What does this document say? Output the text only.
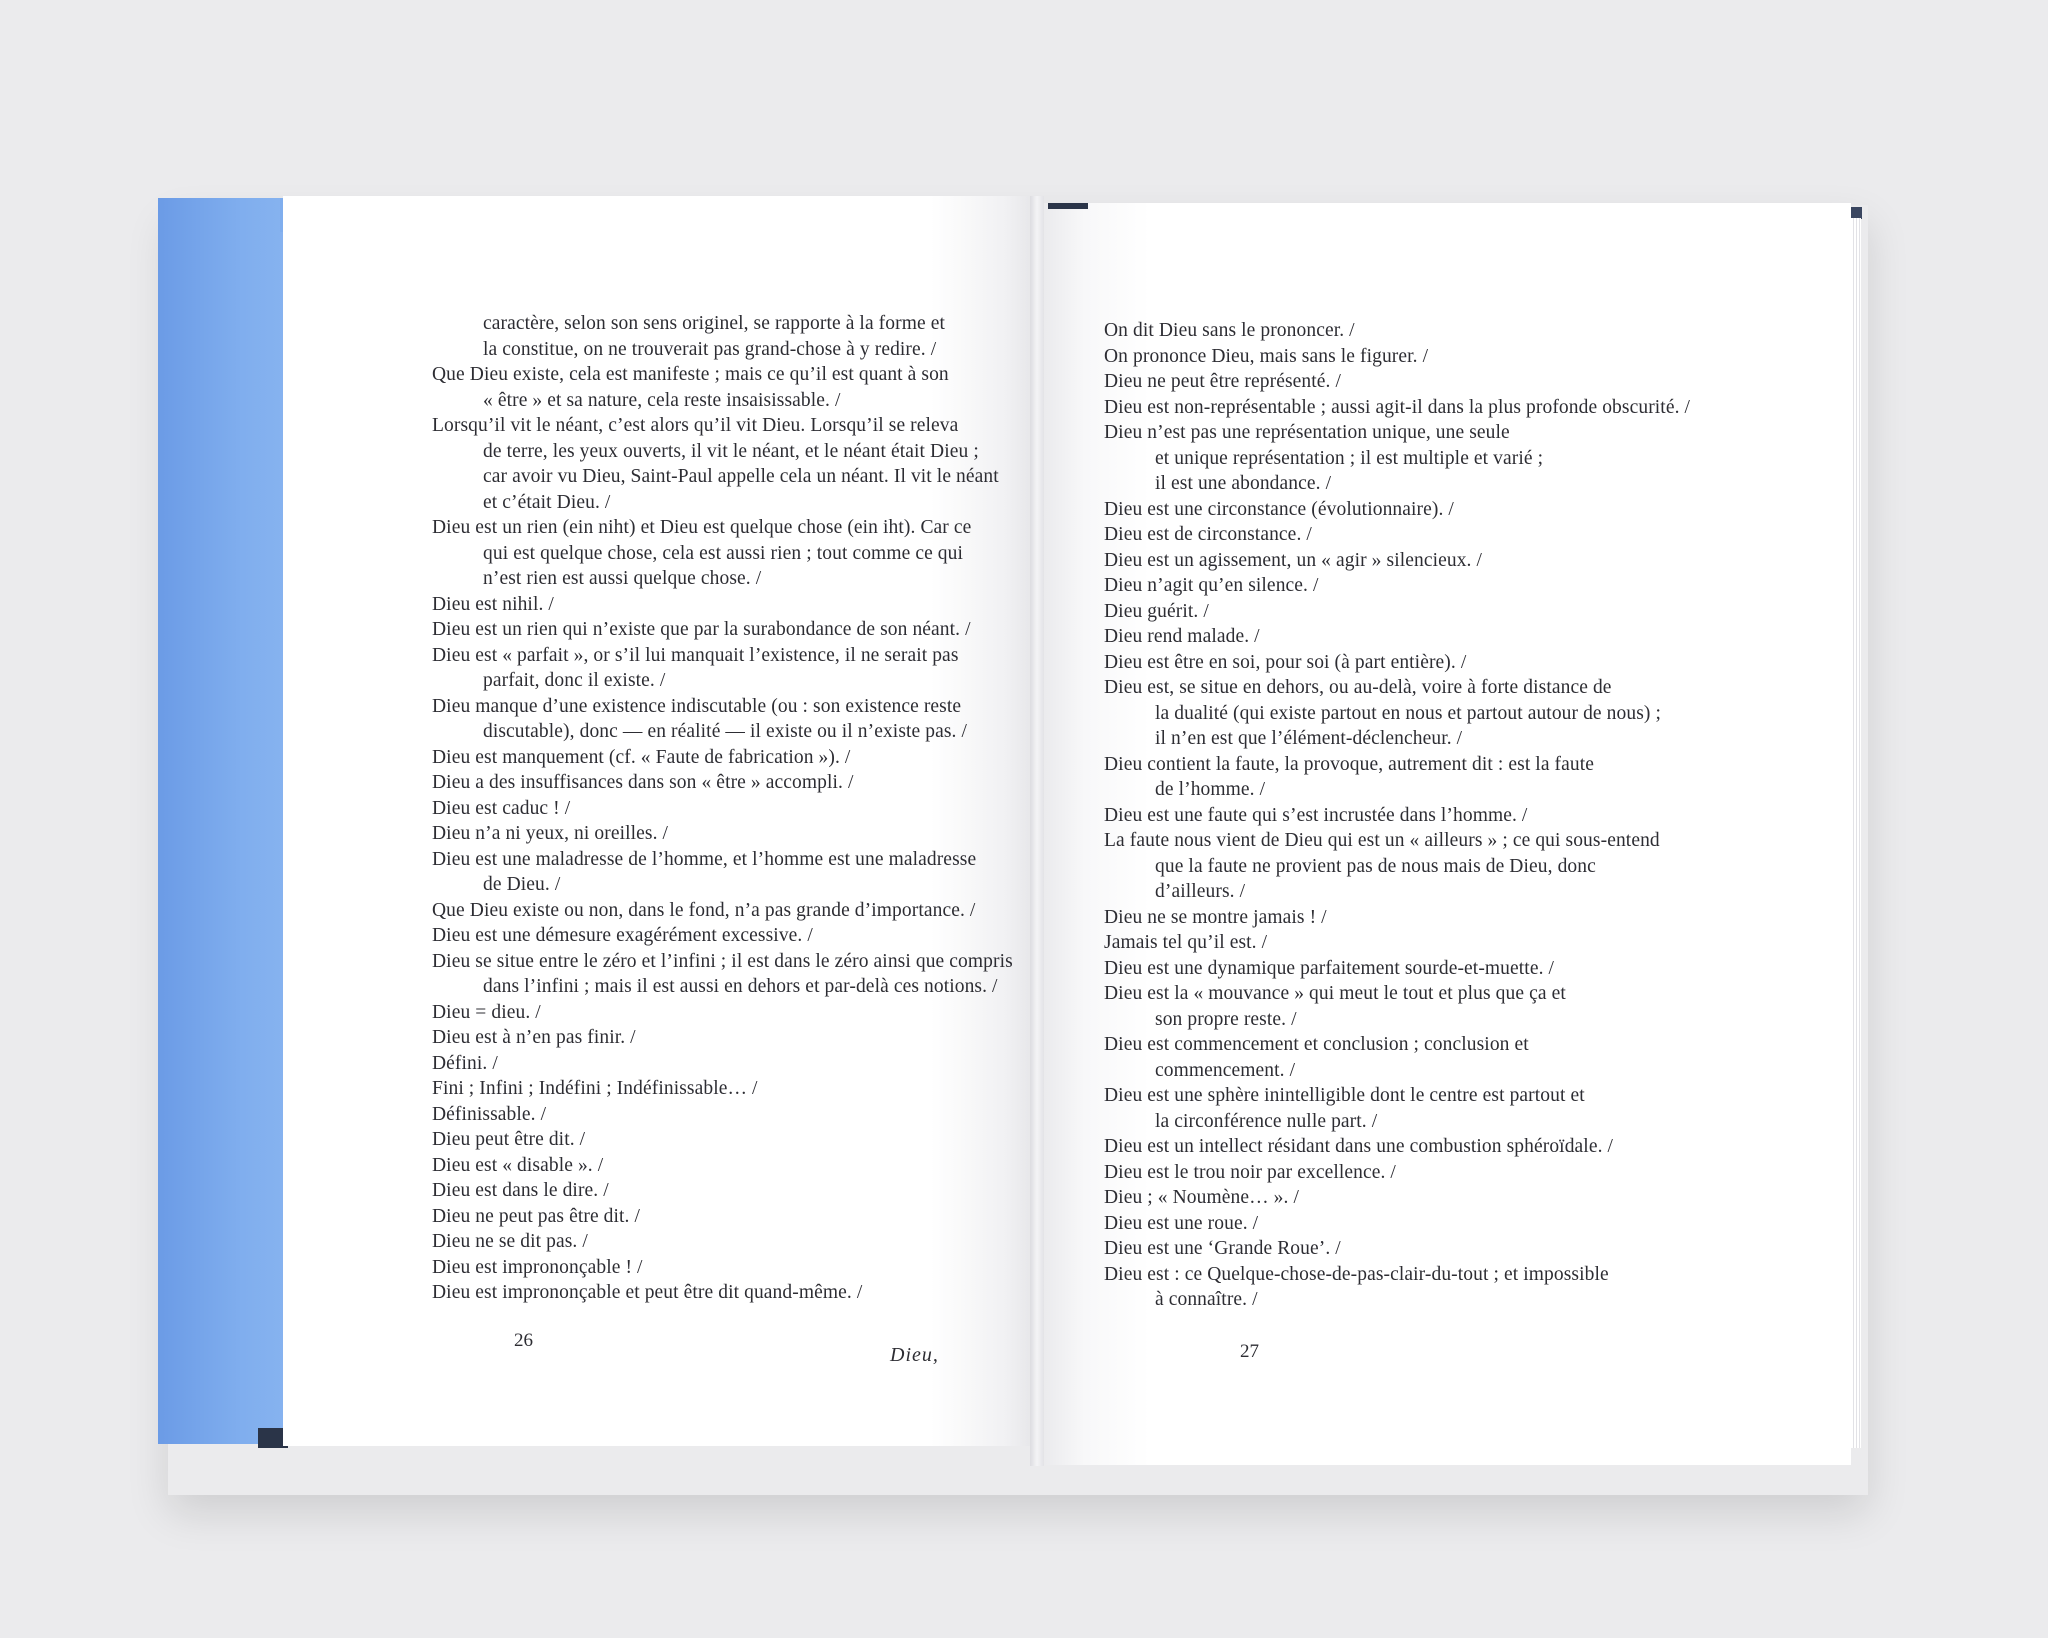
caractère, selon son sens originel, se rapporte à la forme et

la constitue, on ne trouverait pas grand-chose à y redire. /

Que Dieu existe, cela est manifeste ; mais ce qu’il est quant à son

« être » et sa nature, cela reste insaisissable. /

Lorsqu’il vit le néant, c’est alors qu’il vit Dieu. Lorsqu’il se releva

de terre, les yeux ouverts, il vit le néant, et le néant était Dieu ;

car avoir vu Dieu, Saint-Paul appelle cela un néant. Il vit le néant

et c’était Dieu. /

Dieu est un rien (ein niht) et Dieu est quelque chose (ein iht). Car ce

qui est quelque chose, cela est aussi rien ; tout comme ce qui

n’est rien est aussi quelque chose. /

Dieu est nihil. /

Dieu est un rien qui n’existe que par la surabondance de son néant. /

Dieu est « parfait », or s’il lui manquait l’existence, il ne serait pas

parfait, donc il existe. /

Dieu manque d’une existence indiscutable (ou : son existence reste

discutable), donc — en réalité — il existe ou il n’existe pas. /

Dieu est manquement (cf. « Faute de fabrication »). /

Dieu a des insuffisances dans son « être » accompli. /

Dieu est caduc ! /

Dieu n’a ni yeux, ni oreilles. /

Dieu est une maladresse de l’homme, et l’homme est une maladresse

de Dieu. /

Que Dieu existe ou non, dans le fond, n’a pas grande d’importance. /

Dieu est une démesure exagérément excessive. /

Dieu se situe entre le zéro et l’infini ; il est dans le zéro ainsi que compris

dans l’infini ; mais il est aussi en dehors et par-delà ces notions. /

Dieu = dieu. /

Dieu est à n’en pas finir. /

Défini. /

Fini ; Infini ; Indéfini ; Indéfinissable… /

Définissable. /

Dieu peut être dit. /

Dieu est « disable ». /

Dieu est dans le dire. /

Dieu ne peut pas être dit. /

Dieu ne se dit pas. /

Dieu est imprononçable ! /

Dieu est imprononçable et peut être dit quand-même. /

On dit Dieu sans le prononcer. /

On prononce Dieu, mais sans le figurer. /

Dieu ne peut être représenté. /

Dieu est non-représentable ; aussi agit-il dans la plus profonde obscurité. /

Dieu n’est pas une représentation unique, une seule

et unique représentation ; il est multiple et varié ;

il est une abondance. /

Dieu est une circonstance (évolutionnaire). /

Dieu est de circonstance. /

Dieu est un agissement, un « agir » silencieux. /

Dieu n’agit qu’en silence. /

Dieu guérit. /

Dieu rend malade. /

Dieu est être en soi, pour soi (à part entière). /

Dieu est, se situe en dehors, ou au-delà, voire à forte distance de

la dualité (qui existe partout en nous et partout autour de nous) ;

il n’en est que l’élément-déclencheur. /

Dieu contient la faute, la provoque, autrement dit : est la faute

de l’homme. /

Dieu est une faute qui s’est incrustée dans l’homme. /

La faute nous vient de Dieu qui est un « ailleurs » ; ce qui sous-entend

que la faute ne provient pas de nous mais de Dieu, donc

d’ailleurs. /

Dieu ne se montre jamais ! /

Jamais tel qu’il est. /

Dieu est une dynamique parfaitement sourde-et-muette. /

Dieu est la « mouvance » qui meut le tout et plus que ça et

son propre reste. /

Dieu est commencement et conclusion ; conclusion et

commencement. /

Dieu est une sphère inintelligible dont le centre est partout et

la circonférence nulle part. /

Dieu est un intellect résidant dans une combustion sphéroïdale. /

Dieu est le trou noir par excellence. /

Dieu ; « Noumène… ». /

Dieu est une roue. /

Dieu est une ‘Grande Roue’. /

Dieu est : ce Quelque-chose-de-pas-clair-du-tout ; et impossible

à connaître. /

26
Dieu,	27
